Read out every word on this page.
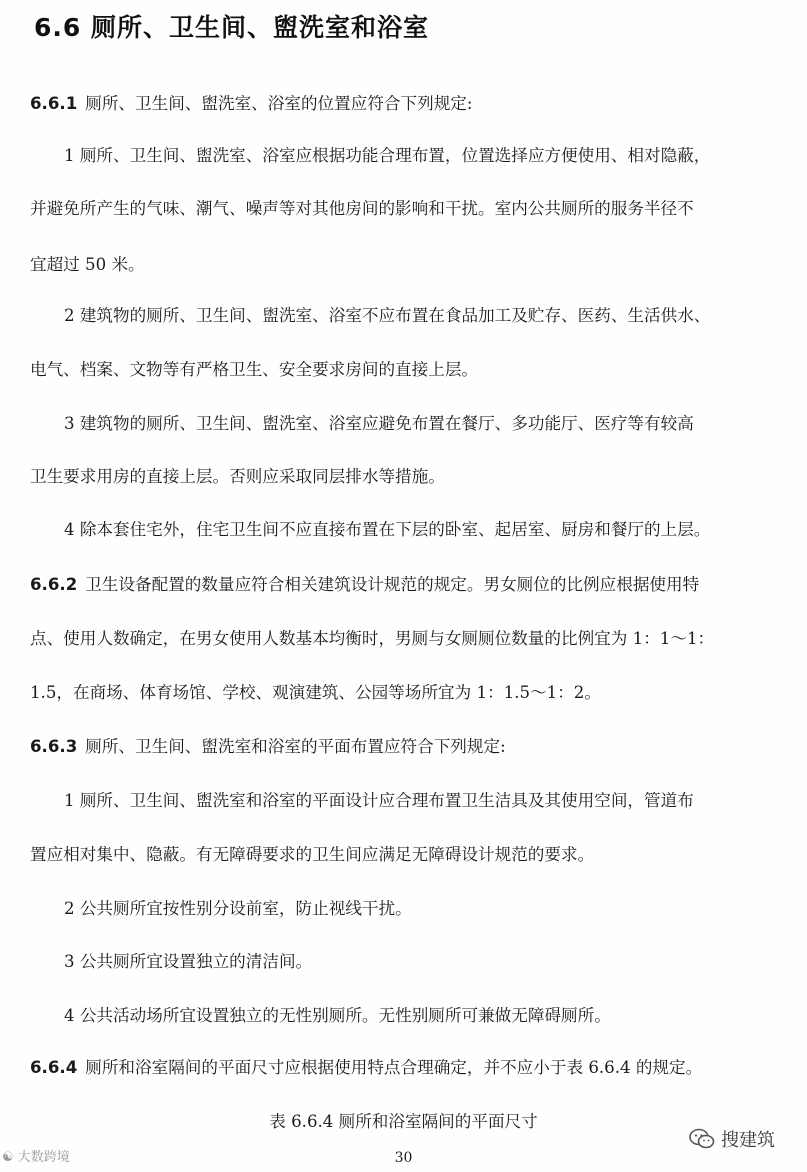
6.6 厕所、卫生间、盥洗室和浴室

6.6.1 厕所、卫生间、盥洗室、浴室的位置应符合下列规定:

1 厕所、卫生间、盥洗室、浴室应根据功能合理布置，位置选择应方便使用、相对隐蔽，

并避免所产生的气味、潮气、噪声等对其他房间的影响和干扰。室内公共厕所的服务半径不

宜超过 50 米。

2 建筑物的厕所、卫生间、盥洗室、浴室不应布置在食品加工及贮存、医药、生活供水、

电气、档案、文物等有严格卫生、安全要求房间的直接上层。

3 建筑物的厕所、卫生间、盥洗室、浴室应避免布置在餐厅、多功能厅、医疗等有较高

卫生要求用房的直接上层。否则应采取同层排水等措施。

4 除本套住宅外，住宅卫生间不应直接布置在下层的卧室、起居室、厨房和餐厅的上层。

6.6.2 卫生设备配置的数量应符合相关建筑设计规范的规定。男女厕位的比例应根据使用特

点、使用人数确定，在男女使用人数基本均衡时，男厕与女厕厕位数量的比例宜为 1：1～1：

1.5，在商场、体育场馆、学校、观演建筑、公园等场所宜为 1：1.5～1：2。

6.6.3 厕所、卫生间、盥洗室和浴室的平面布置应符合下列规定:

1 厕所、卫生间、盥洗室和浴室的平面设计应合理布置卫生洁具及其使用空间，管道布

置应相对集中、隐蔽。有无障碍要求的卫生间应满足无障碍设计规范的要求。

2 公共厕所宜按性别分设前室，防止视线干扰。

3 公共厕所宜设置独立的清洁间。

4 公共活动场所宜设置独立的无性别厕所。无性别厕所可兼做无障碍厕所。

6.6.4 厕所和浴室隔间的平面尺寸应根据使用特点合理确定，并不应小于表 6.6.4 的规定。

表 6.6.4 厕所和浴室隔间的平面尺寸

30

☯ 大数跨境
搜建筑
